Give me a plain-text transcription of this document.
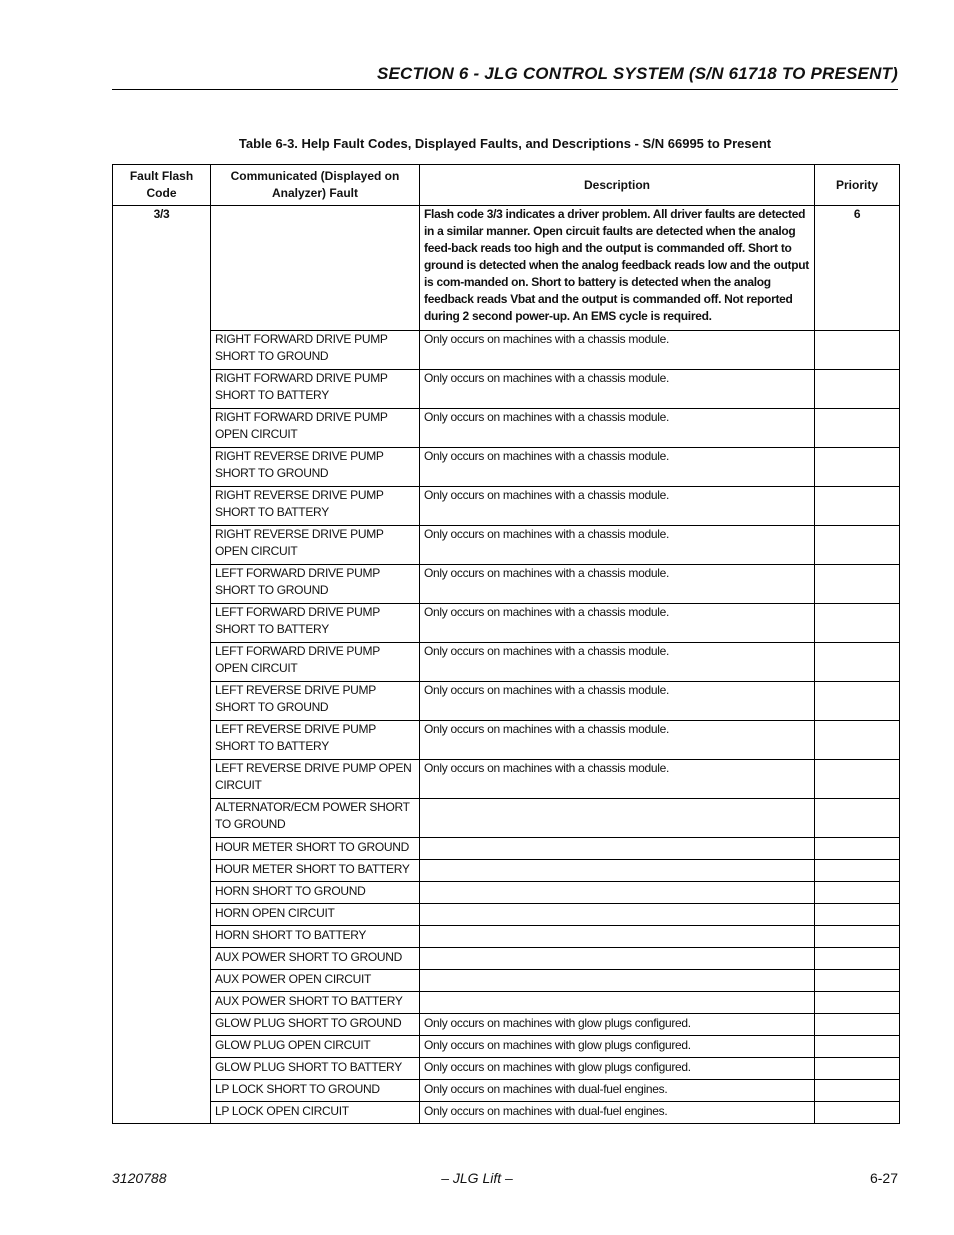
SECTION 6 - JLG CONTROL SYSTEM (S/N 61718 TO PRESENT)
Table 6-3. Help Fault Codes, Displayed Faults, and Descriptions - S/N 66995 to Present
Fault Flash Code	Communicated (Displayed on Analyzer) Fault	Description	Priority
3/3		Flash code 3/3 indicates a driver problem. All driver faults are detected in a similar manner. Open circuit faults are detected when the analog feed-back reads too high and the output is commanded off. Short to ground is detected when the analog feedback reads low and the output is com-manded on. Short to battery is detected when the analog feedback reads Vbat and the output is commanded off. Not reported during 2 second power-up. An EMS cycle is required.	6
	RIGHT FORWARD DRIVE PUMP SHORT TO GROUND	Only occurs on machines with a chassis module.	
	RIGHT FORWARD DRIVE PUMP SHORT TO BATTERY	Only occurs on machines with a chassis module.	
	RIGHT FORWARD DRIVE PUMP OPEN CIRCUIT	Only occurs on machines with a chassis module.	
	RIGHT REVERSE DRIVE PUMP SHORT TO GROUND	Only occurs on machines with a chassis module.	
	RIGHT REVERSE DRIVE PUMP SHORT TO BATTERY	Only occurs on machines with a chassis module.	
	RIGHT REVERSE DRIVE PUMP OPEN CIRCUIT	Only occurs on machines with a chassis module.	
	LEFT FORWARD DRIVE PUMP SHORT TO GROUND	Only occurs on machines with a chassis module.	
	LEFT FORWARD DRIVE PUMP SHORT TO BATTERY	Only occurs on machines with a chassis module.	
	LEFT FORWARD DRIVE PUMP OPEN CIRCUIT	Only occurs on machines with a chassis module.	
	LEFT REVERSE DRIVE PUMP SHORT TO GROUND	Only occurs on machines with a chassis module.	
	LEFT REVERSE DRIVE PUMP SHORT TO BATTERY	Only occurs on machines with a chassis module.	
	LEFT REVERSE DRIVE PUMP OPEN CIRCUIT	Only occurs on machines with a chassis module.	
	ALTERNATOR/ECM POWER SHORT TO GROUND		
	HOUR METER SHORT TO GROUND		
	HOUR METER SHORT TO BATTERY		
	HORN SHORT TO GROUND		
	HORN OPEN CIRCUIT		
	HORN SHORT TO BATTERY		
	AUX POWER SHORT TO GROUND		
	AUX POWER OPEN CIRCUIT		
	AUX POWER SHORT TO BATTERY		
	GLOW PLUG SHORT TO GROUND	Only occurs on machines with glow plugs configured.	
	GLOW PLUG OPEN CIRCUIT	Only occurs on machines with glow plugs configured.	
	GLOW PLUG SHORT TO BATTERY	Only occurs on machines with glow plugs configured.	
	LP LOCK SHORT TO GROUND	Only occurs on machines with dual-fuel engines.	
	LP LOCK OPEN CIRCUIT	Only occurs on machines with dual-fuel engines.	
3120788	– JLG Lift –	6-27
